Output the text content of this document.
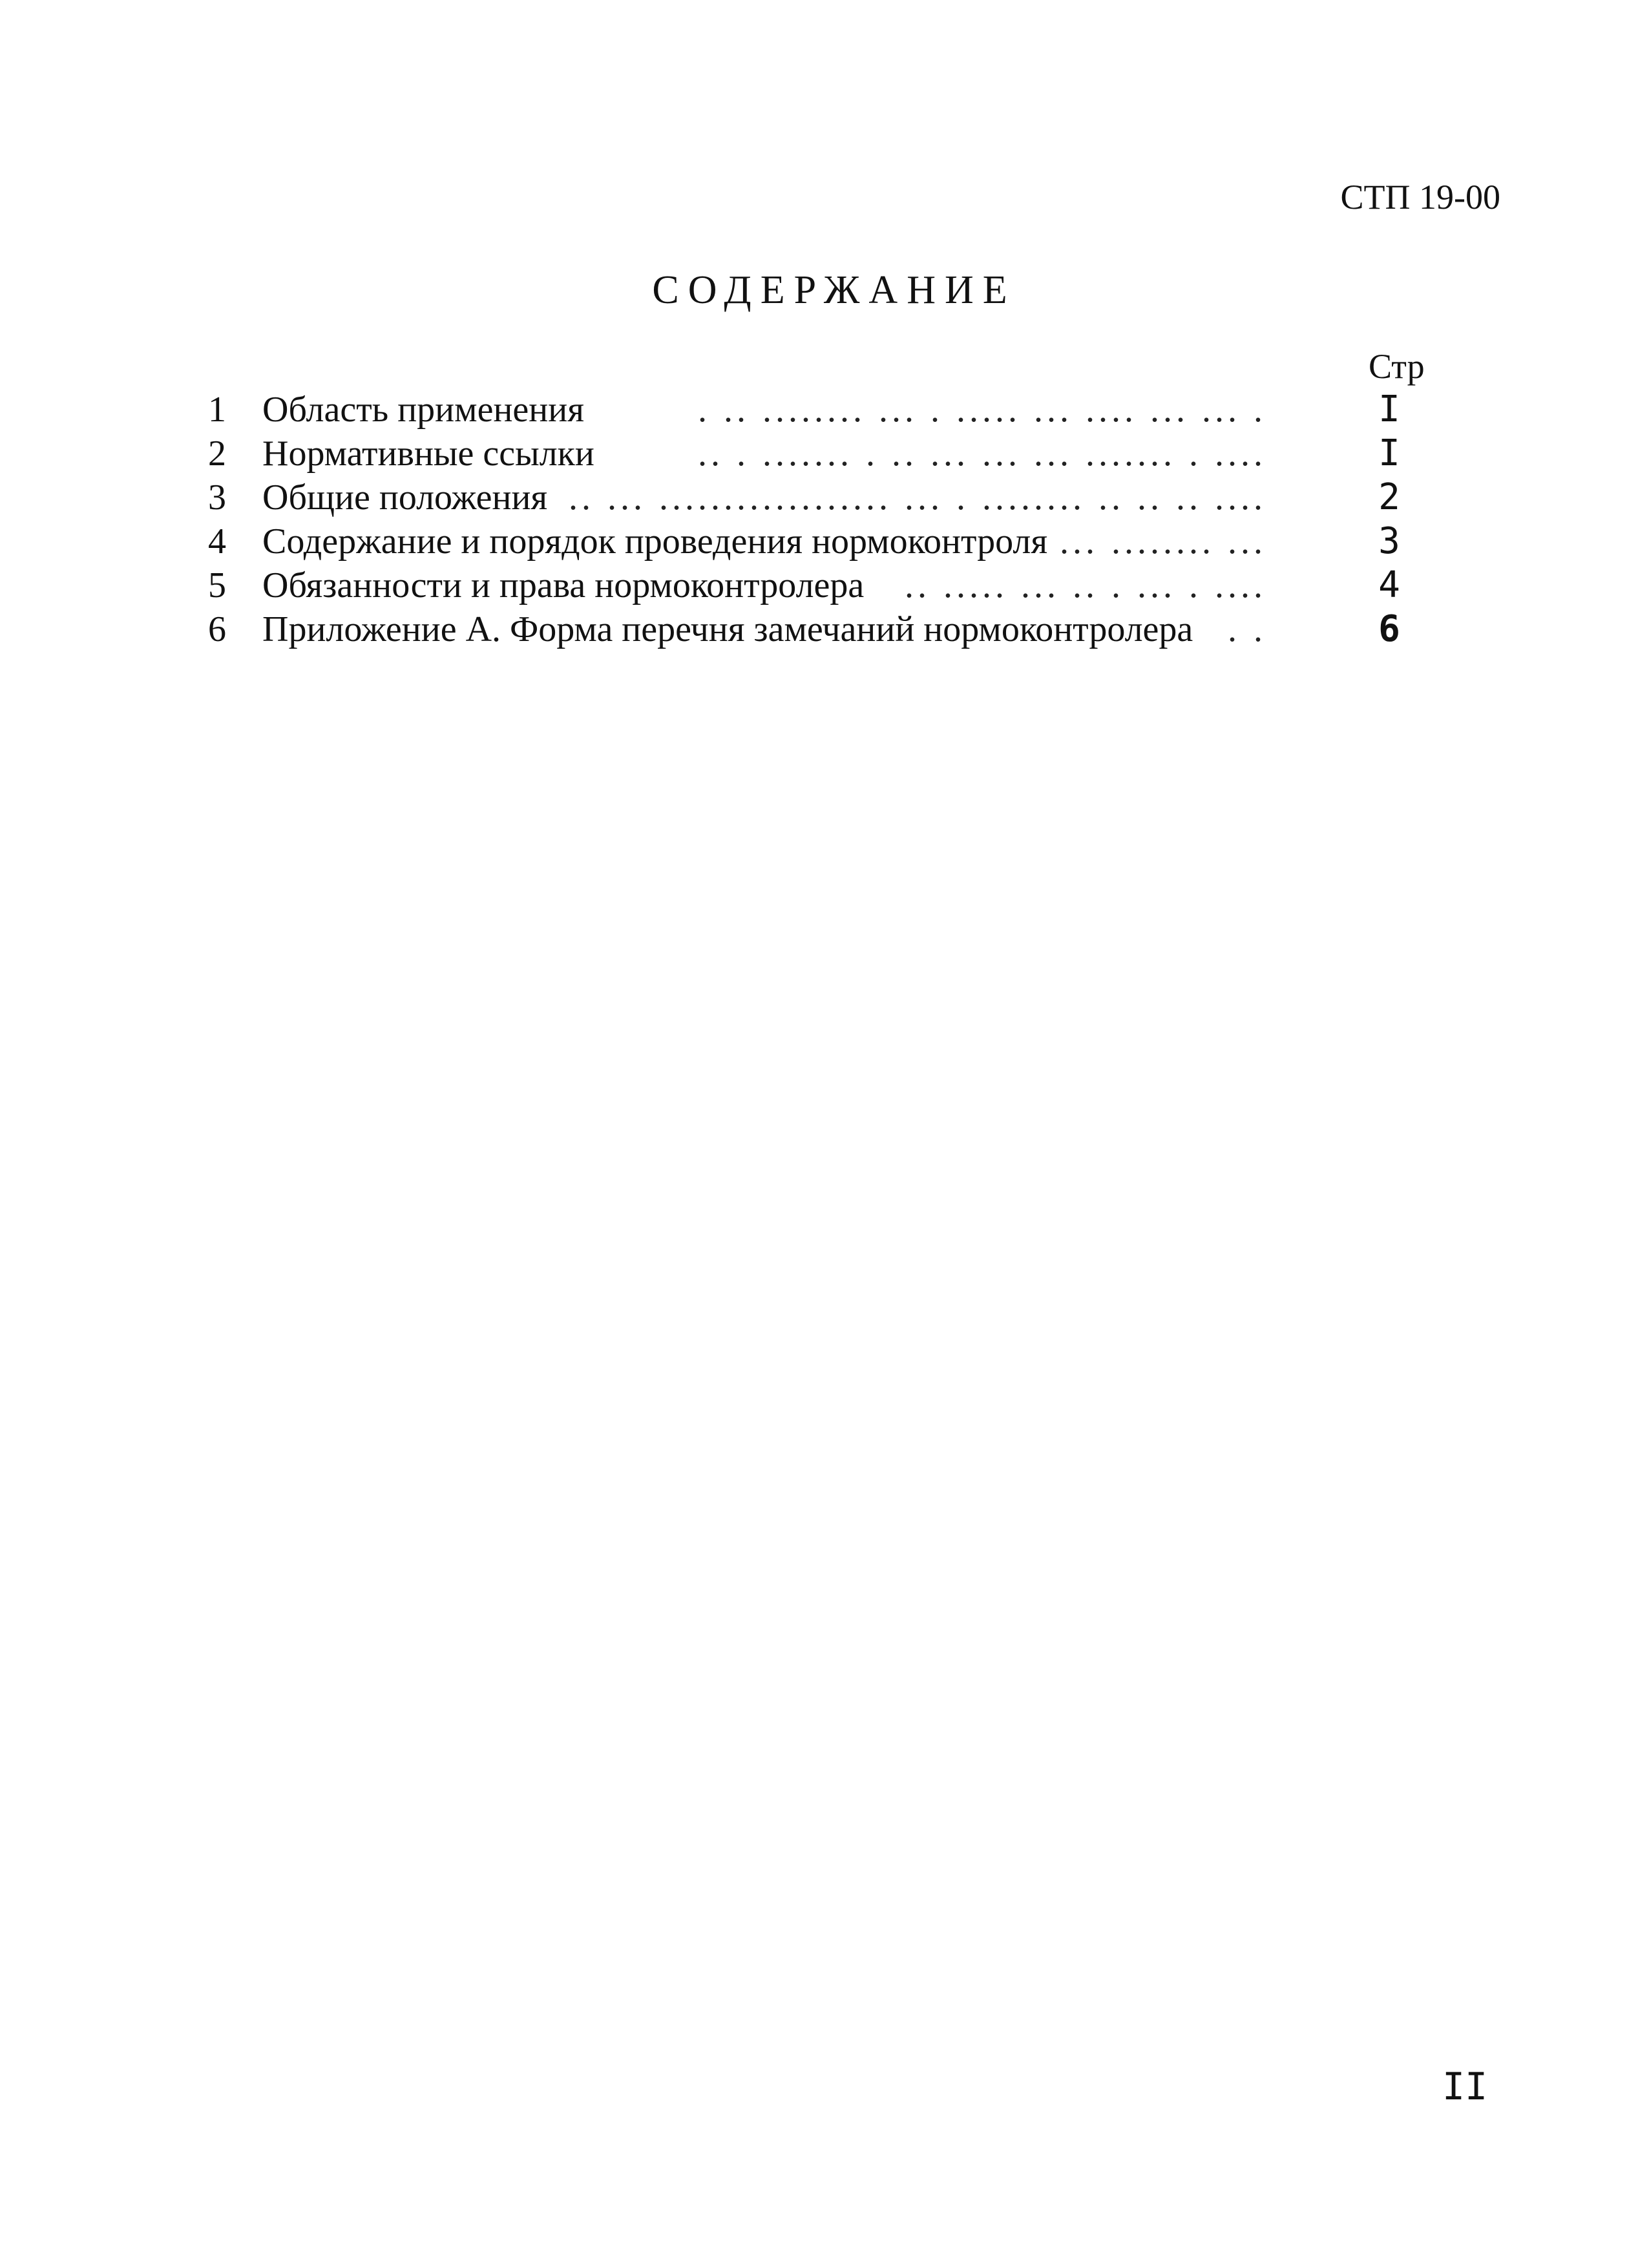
СТП 19-00
СОДЕРЖАНИЕ
Стр
1 Область применения	. .. ........ ... . ..... ... .... ... ... .	I
2 Нормативные ссылки	.. . ....... . .. ... ... ... ....... . ....	I
3 Общие положения .. ... .................. ... . ........ .. .. .. ....	2
4 Содержание и порядок проведения нормоконтроля ... ........ ...	3
5 Обязанности и права нормоконтролера .. ..... ... .. . ... . ....	4
6 Приложение А. Форма перечня замечаний нормоконтролера . .	6
II
